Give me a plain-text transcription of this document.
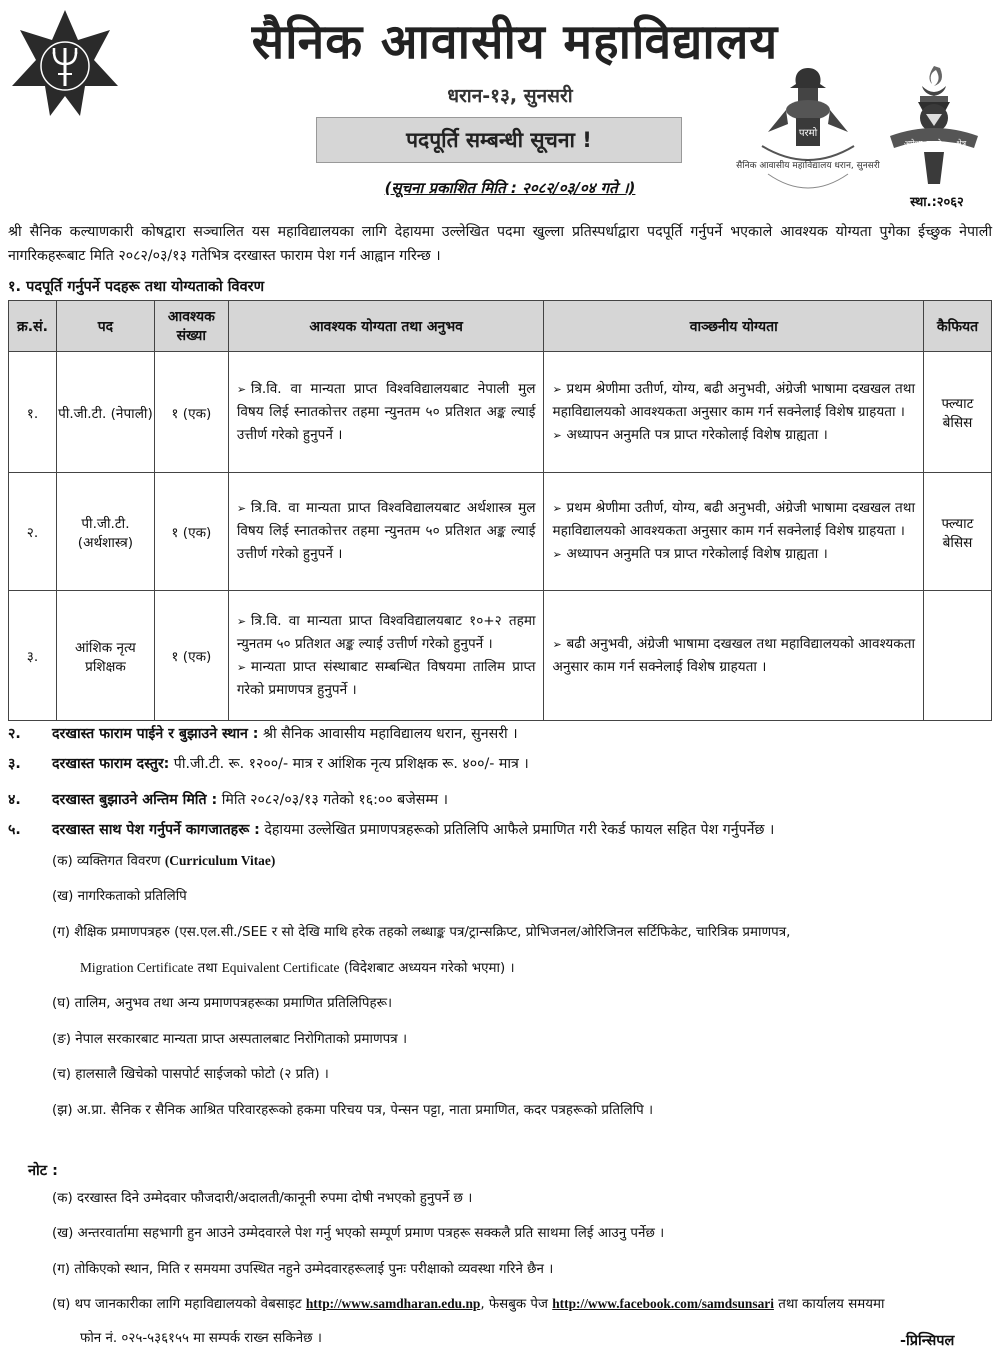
सैनिक आवासीय महाविद्यालय
धरान-१३, सुनसरी
पदपूर्ति सम्बन्धी सूचना !
(सूचना प्रकाशित मिति : २०८२/०३/०४ गते ।)
परमो
सैनिक आवासीय महाविद्यालय धरान, सुनसरी
अपेक्षा परमो क्षेत्र
स्था.:२०६२
श्री सैनिक कल्याणकारी कोषद्वारा सञ्चालित यस महाविद्यालयका लागि देहायमा उल्लेखित पदमा खुल्ला प्रतिस्पर्धाद्वारा पदपूर्ति गर्नुपर्ने भएकाले आवश्यक योग्यता पुगेका ईच्छुक नेपाली नागरिकहरूबाट मिति २०८२/०३/१३ गतेभित्र दरखास्त फाराम पेश गर्न आह्वान गरिन्छ ।
१. पदपूर्ति गर्नुपर्ने पदहरू तथा योग्यताको विवरण
क्र.सं.	पद	आवश्यक संख्या	आवश्यक योग्यता तथा अनुभव	वाञ्छनीय योग्यता	कैफियत
१.	पी.जी.टी. (नेपाली)	१ (एक)	➢ त्रि.वि. वा मान्यता प्राप्त विश्वविद्यालयबाट नेपाली मुल विषय लिई स्नातकोत्तर तहमा न्युनतम ५० प्रतिशत अङ्क ल्याई उत्तीर्ण गरेको हुनुपर्ने ।	➢ प्रथम श्रेणीमा उतीर्ण, योग्य, बढी अनुभवी, अंग्रेजी भाषामा दखखल तथा महाविद्यालयको आवश्यकता अनुसार काम गर्न सक्नेलाई विशेष ग्राहयता ।
➢ अध्यापन अनुमति पत्र प्राप्त गरेकोलाई विशेष ग्राह्यता ।	फ्ल्याट बेसिस
२.	पी.जी.टी. (अर्थशास्त्र)	१ (एक)	➢ त्रि.वि. वा मान्यता प्राप्त विश्वविद्यालयबाट अर्थशास्त्र मुल विषय लिई स्नातकोत्तर तहमा न्युनतम ५० प्रतिशत अङ्क ल्याई उत्तीर्ण गरेको हुनुपर्ने ।	➢ प्रथम श्रेणीमा उतीर्ण, योग्य, बढी अनुभवी, अंग्रेजी भाषामा दखखल तथा महाविद्यालयको आवश्यकता अनुसार काम गर्न सक्नेलाई विशेष ग्राहयता ।
➢ अध्यापन अनुमति पत्र प्राप्त गरेकोलाई विशेष ग्राह्यता ।	फ्ल्याट बेसिस
३.	आंशिक नृत्य प्रशिक्षक	१ (एक)	➢ त्रि.वि. वा मान्यता प्राप्त विश्वविद्यालयबाट १०+२ तहमा न्युनतम ५० प्रतिशत अङ्क ल्याई उत्तीर्ण गरेको हुनुपर्ने ।
➢ मान्यता प्राप्त संस्थाबाट सम्बन्धित विषयमा तालिम प्राप्त गरेको प्रमाणपत्र हुनुपर्ने ।	➢ बढी अनुभवी, अंग्रेजी भाषामा दखखल तथा महाविद्यालयको आवश्यकता अनुसार काम गर्न सक्नेलाई विशेष ग्राहयता ।	

२. दरखास्त फाराम पाईने र बुझाउने स्थान : श्री सैनिक आवासीय महाविद्यालय धरान, सुनसरी ।
३. दरखास्त फाराम दस्तुर: पी.जी.टी. रू. १२००/- मात्र र आंशिक नृत्य प्रशिक्षक रू. ४००/- मात्र ।
४. दरखास्त बुझाउने अन्तिम मिति : मिति २०८२/०३/१३ गतेको १६:०० बजेसम्म ।
५. दरखास्त साथ पेश गर्नुपर्ने कागजातहरू : देहायमा उल्लेखित प्रमाणपत्रहरूको प्रतिलिपि आफैले प्रमाणित गरी रेकर्ड फायल सहित पेश गर्नुपर्नेछ ।
(क) व्यक्तिगत विवरण (Curriculum Vitae)
(ख) नागरिकताको प्रतिलिपि
(ग) शैक्षिक प्रमाणपत्रहरु (एस.एल.सी./SEE र सो देखि माथि हरेक तहको लब्धाङ्क पत्र/ट्रान्सक्रिप्ट, प्रोभिजनल/ओरिजिनल सर्टिफिकेट, चारित्रिक प्रमाणपत्र,
Migration Certificate तथा Equivalent Certificate (विदेशबाट अध्ययन गरेको भएमा) ।
(घ) तालिम, अनुभव तथा अन्य प्रमाणपत्रहरूका प्रमाणित प्रतिलिपिहरू।
(ङ) नेपाल सरकारबाट मान्यता प्राप्त अस्पतालबाट निरोगिताको प्रमाणपत्र ।
(च) हालसालै खिचेको पासपोर्ट साईजको फोटो (२ प्रति) ।
(झ) अ.प्रा. सैनिक र सैनिक आश्रित परिवारहरूको हकमा परिचय पत्र, पेन्सन पट्टा, नाता प्रमाणित, कदर पत्रहरूको प्रतिलिपि ।
नोट :
(क) दरखास्त दिने उम्मेदवार फौजदारी/अदालती/कानूनी रुपमा दोषी नभएको हुनुपर्ने छ ।
(ख) अन्तरवार्तामा सहभागी हुन आउने उम्मेदवारले पेश गर्नु भएको सम्पूर्ण प्रमाण पत्रहरू सक्कलै प्रति साथमा लिई आउनु पर्नेछ ।
(ग) तोकिएको स्थान, मिति र समयमा उपस्थित नहुने उम्मेदवारहरूलाई पुनः परीक्षाको व्यवस्था गरिने छैन ।
(घ) थप जानकारीका लागि महाविद्यालयको वेबसाइट http://www.samdharan.edu.np, फेसबुक पेज http://www.facebook.com/samdsunsari तथा कार्यालय समयमा
फोन नं. ०२५-५३६१५५ मा सम्पर्क राख्न सकिनेछ ।	-प्रिन्सिपल
